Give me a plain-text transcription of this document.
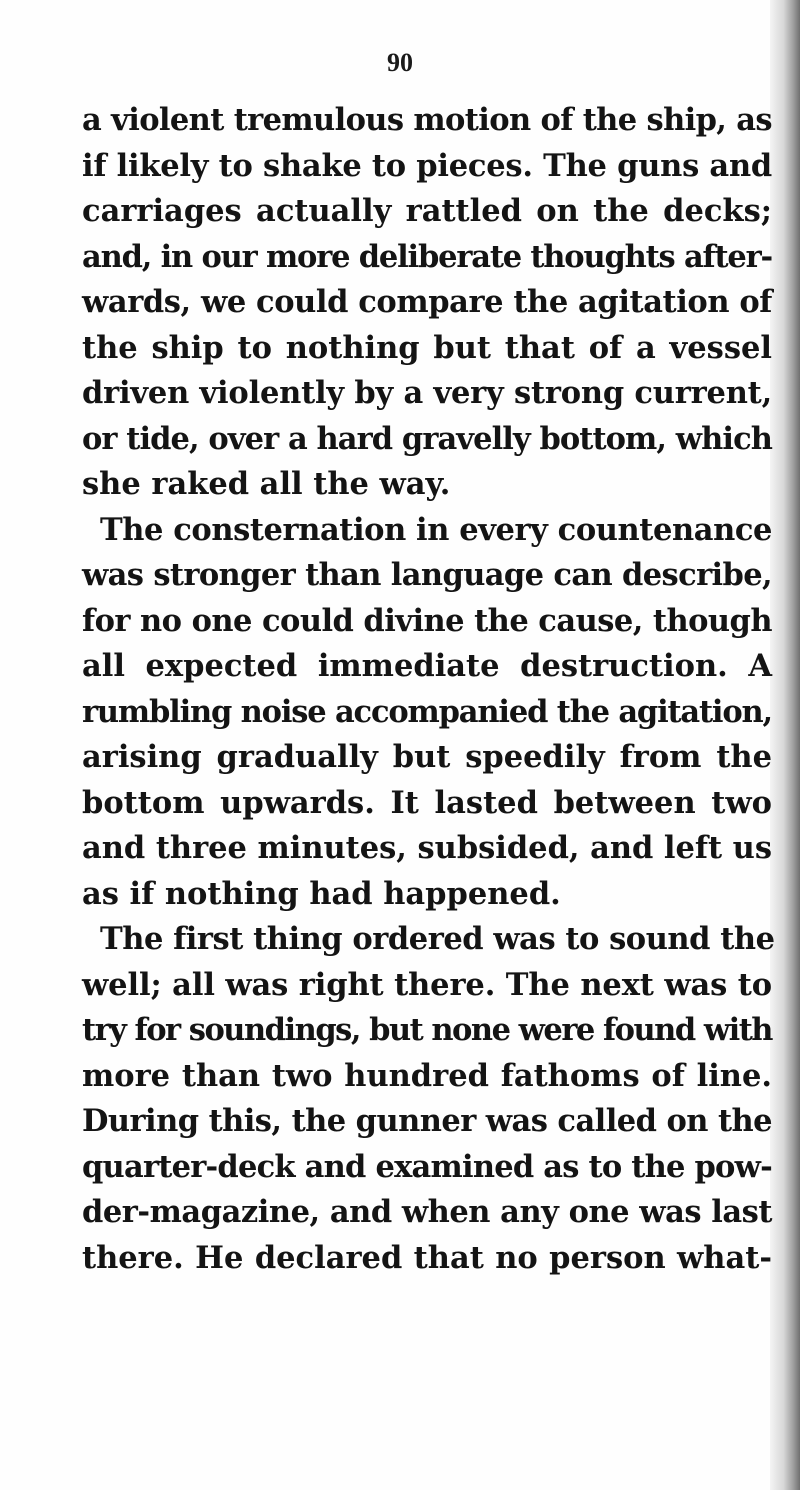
90
a violent tremulous motion of the ship, as
if likely to shake to pieces. The guns and
carriages actually rattled on the decks;
and, in our more deliberate thoughts after-
wards, we could compare the agitation of
the ship to nothing but that of a vessel
driven violently by a very strong current,
or tide, over a hard gravelly bottom, which
she raked all the way.
The consternation in every countenance
was stronger than language can describe,
for no one could divine the cause, though
all expected immediate destruction. A
rumbling noise accompanied the agitation,
arising gradually but speedily from the
bottom upwards. It lasted between two
and three minutes, subsided, and left us
as if nothing had happened.
The first thing ordered was to sound the
well; all was right there. The next was to
try for soundings, but none were found with
more than two hundred fathoms of line.
During this, the gunner was called on the
quarter-deck and examined as to the pow-
der-magazine, and when any one was last
there. He declared that no person what-
